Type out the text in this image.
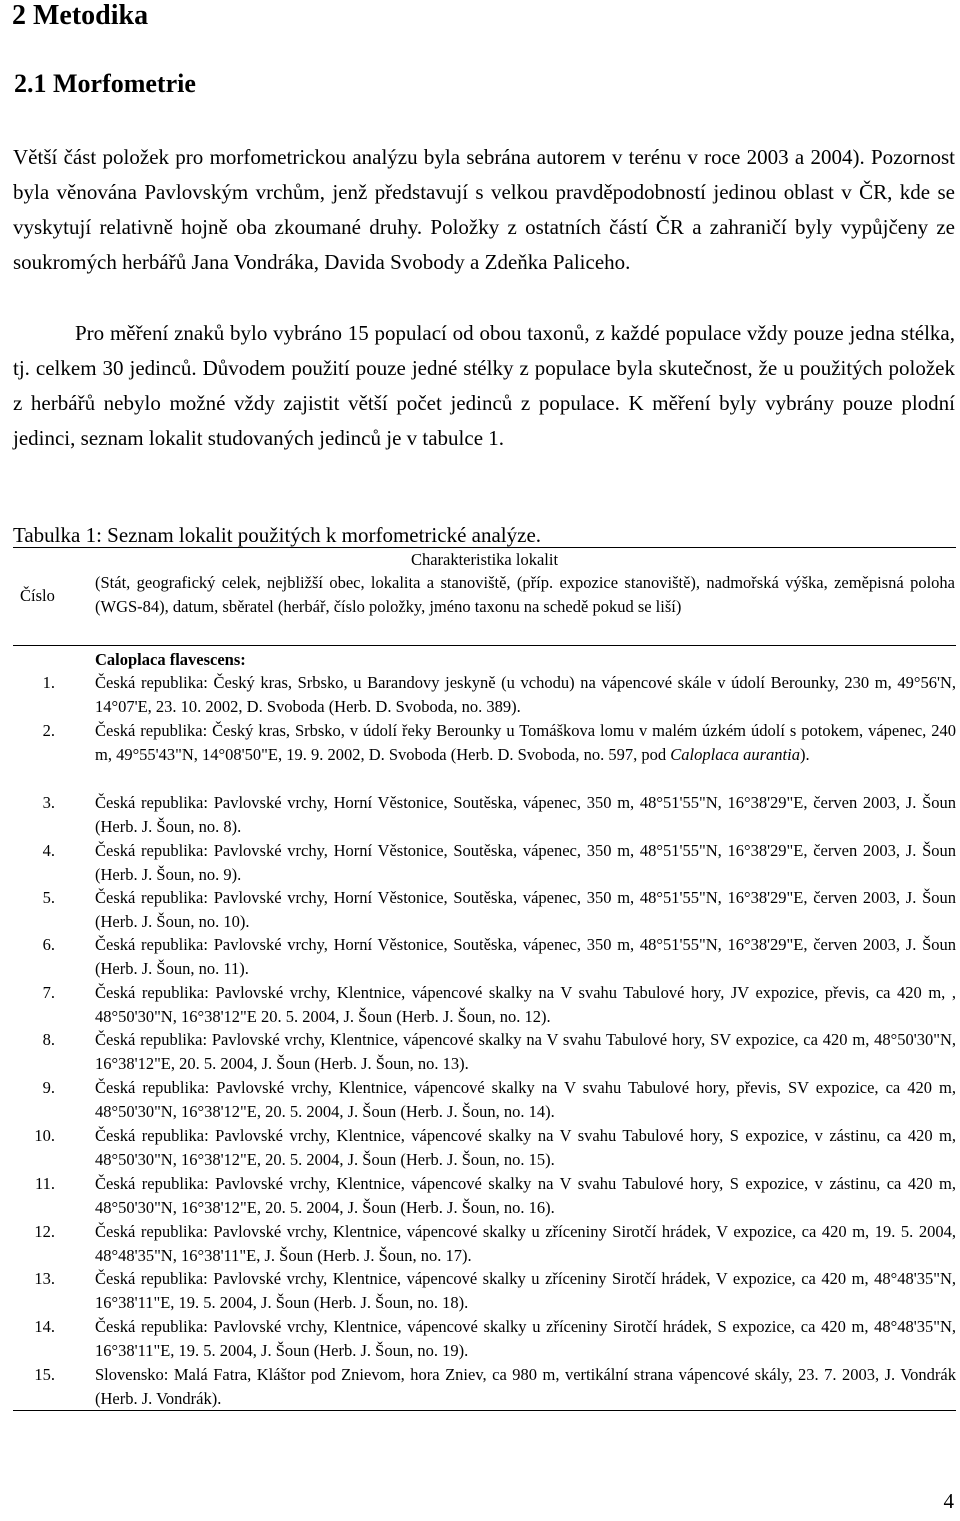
2 Metodika
2.1 Morfometrie

Větší část položek pro morfometrickou analýzu byla sebrána autorem v terénu v roce 2003 a 2004). Pozornost byla věnována Pavlovským vrchům, jenž představují s velkou pravděpodobností jedinou oblast v ČR, kde se vyskytují relativně hojně oba zkoumané druhy. Položky z ostatních částí ČR a zahraničí byly vypůjčeny ze soukromých herbářů Jana Vondráka, Davida Svobody a Zdeňka Paliceho.

Pro měření znaků bylo vybráno 15 populací od obou taxonů, z každé populace vždy pouze jedna stélka, tj. celkem 30 jedinců. Důvodem použití pouze jedné stélky z populace byla skutečnost, že u použitých položek z herbářů nebylo možné vždy zajistit větší počet jedinců z populace. K měření byly vybrány pouze plodní jedinci, seznam lokalit studovaných jedinců je v tabulce 1.

Tabulka 1: Seznam lokalit použitých k morfometrické analýze.
Charakteristika lokalit
Číslo
(Stát, geografický celek, nejbližší obec, lokalita a stanoviště, (příp. expozice stanoviště), nadmořská výška, zeměpisná poloha (WGS-84), datum, sběratel (herbář, číslo položky, jméno taxonu na schedě pokud se liší)
Caloplaca flavescens:
1. Česká republika: Český kras, Srbsko, u Barandovy jeskyně (u vchodu) na vápencové skále v údolí Berounky, 230 m, 49°56'N, 14°07'E, 23. 10. 2002, D. Svoboda (Herb. D. Svoboda, no. 389).
2. Česká republika: Český kras, Srbsko, v údolí řeky Berounky u Tomáškova lomu v malém úzkém údolí s potokem, vápenec, 240 m, 49°55'43"N, 14°08'50"E, 19. 9. 2002, D. Svoboda (Herb. D. Svoboda, no. 597, pod Caloplaca aurantia).
3. Česká republika: Pavlovské vrchy, Horní Věstonice, Soutěska, vápenec, 350 m, 48°51'55"N, 16°38'29"E, červen 2003, J. Šoun (Herb. J. Šoun, no. 8).
4. Česká republika: Pavlovské vrchy, Horní Věstonice, Soutěska, vápenec, 350 m, 48°51'55"N, 16°38'29"E, červen 2003, J. Šoun (Herb. J. Šoun, no. 9).
5. Česká republika: Pavlovské vrchy, Horní Věstonice, Soutěska, vápenec, 350 m, 48°51'55"N, 16°38'29"E, červen 2003, J. Šoun (Herb. J. Šoun, no. 10).
6. Česká republika: Pavlovské vrchy, Horní Věstonice, Soutěska, vápenec, 350 m, 48°51'55"N, 16°38'29"E, červen 2003, J. Šoun (Herb. J. Šoun, no. 11).
7. Česká republika: Pavlovské vrchy, Klentnice, vápencové skalky na V svahu Tabulové hory, JV expozice, převis, ca 420 m, , 48°50'30"N, 16°38'12"E 20. 5. 2004, J. Šoun (Herb. J. Šoun, no. 12).
8. Česká republika: Pavlovské vrchy, Klentnice, vápencové skalky na V svahu Tabulové hory, SV expozice, ca 420 m, 48°50'30"N, 16°38'12"E, 20. 5. 2004, J. Šoun (Herb. J. Šoun, no. 13).
9. Česká republika: Pavlovské vrchy, Klentnice, vápencové skalky na V svahu Tabulové hory, převis, SV expozice, ca 420 m, 48°50'30"N, 16°38'12"E, 20. 5. 2004, J. Šoun (Herb. J. Šoun, no. 14).
10. Česká republika: Pavlovské vrchy, Klentnice, vápencové skalky na V svahu Tabulové hory, S expozice, v zástinu, ca 420 m, 48°50'30"N, 16°38'12"E, 20. 5. 2004, J. Šoun (Herb. J. Šoun, no. 15).
11. Česká republika: Pavlovské vrchy, Klentnice, vápencové skalky na V svahu Tabulové hory, S expozice, v zástinu, ca 420 m, 48°50'30"N, 16°38'12"E, 20. 5. 2004, J. Šoun (Herb. J. Šoun, no. 16).
12. Česká republika: Pavlovské vrchy, Klentnice, vápencové skalky u zříceniny Sirotčí hrádek, V expozice, ca 420 m, 19. 5. 2004, 48°48'35"N, 16°38'11"E, J. Šoun (Herb. J. Šoun, no. 17).
13. Česká republika: Pavlovské vrchy, Klentnice, vápencové skalky u zříceniny Sirotčí hrádek, V expozice, ca 420 m, 48°48'35"N, 16°38'11"E, 19. 5. 2004, J. Šoun (Herb. J. Šoun, no. 18).
14. Česká republika: Pavlovské vrchy, Klentnice, vápencové skalky u zříceniny Sirotčí hrádek, S expozice, ca 420 m, 48°48'35"N, 16°38'11"E, 19. 5. 2004, J. Šoun (Herb. J. Šoun, no. 19).
15. Slovensko: Malá Fatra, Kláštor pod Znievom, hora Zniev, ca 980 m, vertikální strana vápencové skály, 23. 7. 2003, J. Vondrák (Herb. J. Vondrák).
4
